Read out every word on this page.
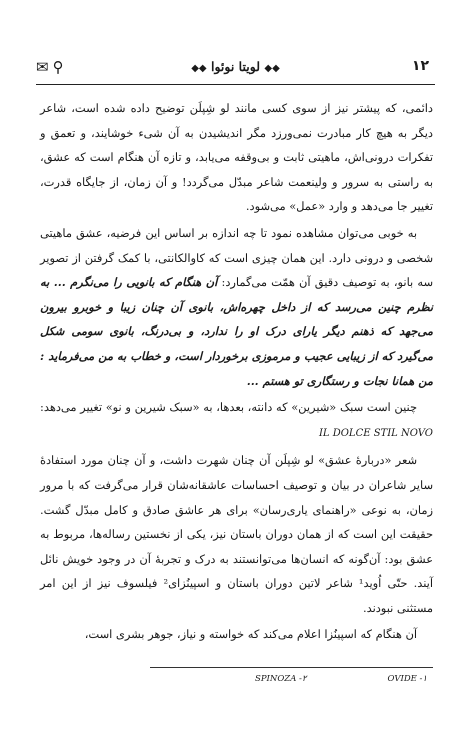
۱۲
◆◆ لویتا نوئوا ◆◆
✉⚲

دائمی، که پیشتر نیز از سوی کسی مانند لو شِپلَن توضیح داده شده است، شاعر دیگر به هیچ کار مبادرت نمی‌ورزد مگر اندیشیدن به آن شیء خوشایند، و تعمق و تفکرات درونی‌اش، ماهیتی ثابت و بی‌وقفه می‌یابد، و تازه آن هنگام است که عشق، به راستی به سرور و ولینعمت شاعر مبدّل می‌گردد! و آن زمان، از جایگاه قدرت، تغییر جا می‌دهد و وارد «عمل» می‌شود.

به خوبی می‌توان مشاهده نمود تا چه اندازه بر اساس این فرضیه، عشق ماهیتی شخصی و درونی دارد. این همان چیزی است که کاوالکانتی، با کمک گرفتن از تصویر سه بانو، به توصیف دقیق آن همّت می‌گمارد: آن هنگام که بانویی را می‌نگرم ... به نظرم چنین می‌رسد که از داخل چهره‌اش، بانوی آن چنان زیبا و خوبرو بیرون می‌جهد که ذهنم دیگر یارای درک او را ندارد، و بی‌درنگ، بانوی سومی شکل می‌گیرد که از زیبایی عجیب و مرموزی برخوردار است، و خطاب به من می‌فرماید : من همانا نجات و رستگاری تو هستم ...

چنین است سبک «شیرین» که دانته، بعدها، به «سبک شیرین و نو» تغییر می‌دهد: IL DOLCE STIL NOVO

شعر «دربارهٔ عشق» لو شِپلَن آن چنان شهرت داشت، و آن چنان مورد استفادهٔ سایر شاعران در بیان و توصیف احساسات عاشقانه‌شان قرار می‌گرفت که با مرور زمان، به نوعی «راهنمای یاری‌رسان» برای هر عاشق صادق و کامل مبدّل گشت. حقیقت این است که از همان دوران باستان نیز، یکی از نخستین رساله‌ها، مربوط به عشق بود: آن‌گونه که انسان‌ها می‌توانستند به درک و تجربهٔ آن در وجود خویش نائل آیند. حتّی اُوید¹ شاعر لاتین دوران باستان و اسپینُزای² فیلسوف نیز از این امر مستثنی نبودند.

آن هنگام که اسپینُزا اعلام می‌کند که خواسته و نیاز، جوهر بشری است،

SPINOZA -٢	OVIDE -١
